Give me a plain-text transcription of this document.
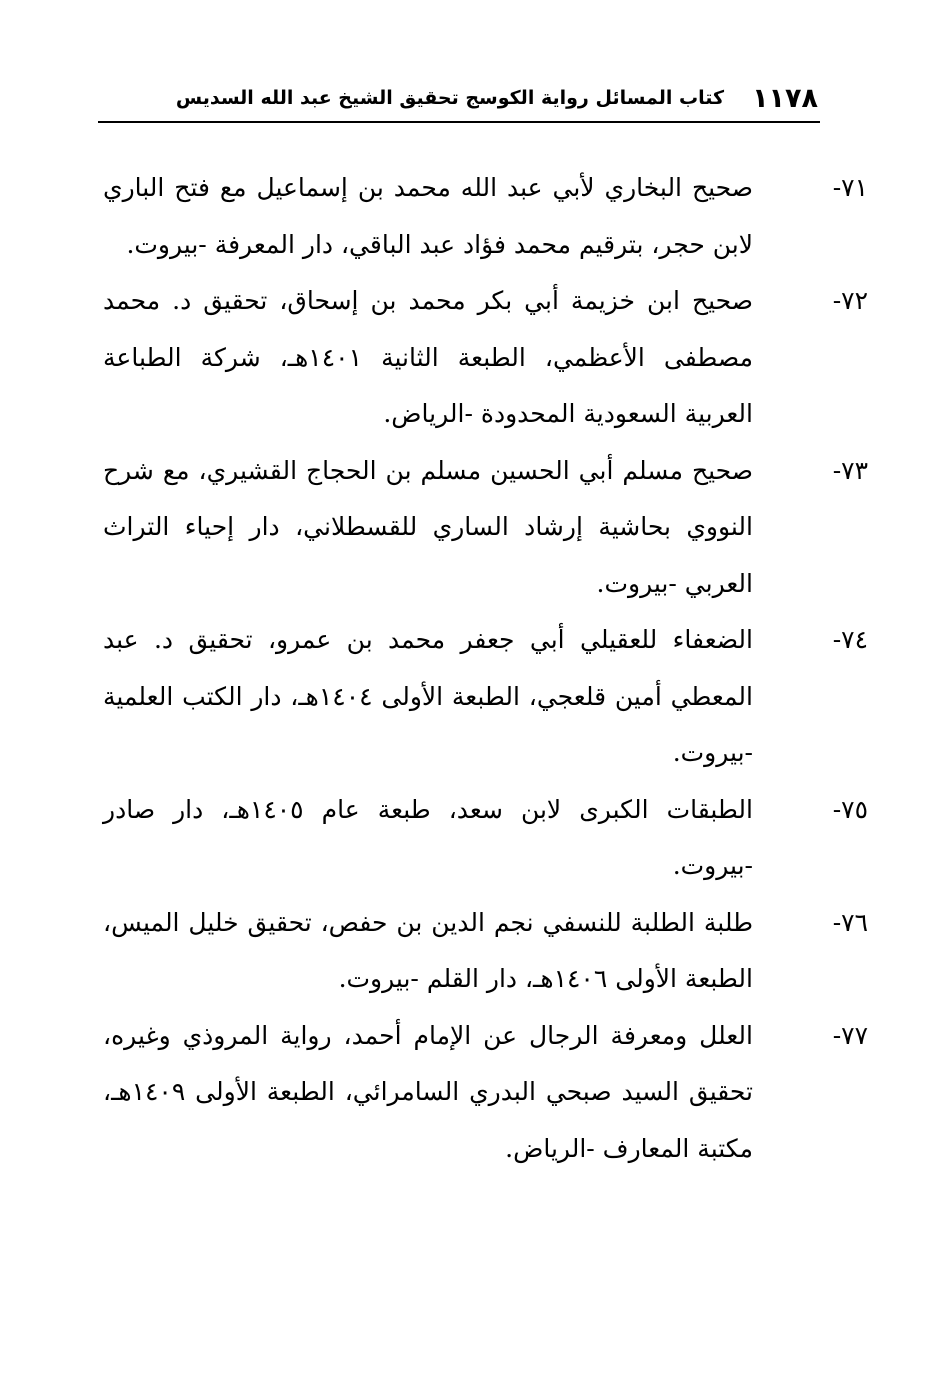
١١٧٨
كتاب المسائل رواية الكوسج تحقيق الشيخ عبد الله السديس
٧١-
صحيح البخاري لأبي عبد الله محمد بن إسماعيل مع فتح الباري لابن حجر، بترقيم محمد فؤاد عبد الباقي، دار المعرفة -بيروت.
٧٢-
صحيح ابن خزيمة أبي بكر محمد بن إسحاق، تحقيق د. محمد مصطفى الأعظمي، الطبعة الثانية ١٤٠١هـ، شركة الطباعة العربية السعودية المحدودة -الرياض.
٧٣-
صحيح مسلم أبي الحسين مسلم بن الحجاج القشيري، مع شرح النووي بحاشية إرشاد الساري للقسطلاني، دار إحياء التراث العربي -بيروت.
٧٤-
الضعفاء للعقيلي أبي جعفر محمد بن عمرو، تحقيق د. عبد المعطي أمين قلعجي، الطبعة الأولى ١٤٠٤هـ، دار الكتب العلمية -بيروت.
٧٥-
الطبقات الكبرى لابن سعد، طبعة عام ١٤٠٥هـ، دار صادر -بيروت.
٧٦-
طلبة الطلبة للنسفي نجم الدين بن حفص، تحقيق خليل الميس، الطبعة الأولى ١٤٠٦هـ، دار القلم -بيروت.
٧٧-
العلل ومعرفة الرجال عن الإمام أحمد، رواية المروذي وغيره، تحقيق السيد صبحي البدري السامرائي، الطبعة الأولى ١٤٠٩هـ، مكتبة المعارف -الرياض.
